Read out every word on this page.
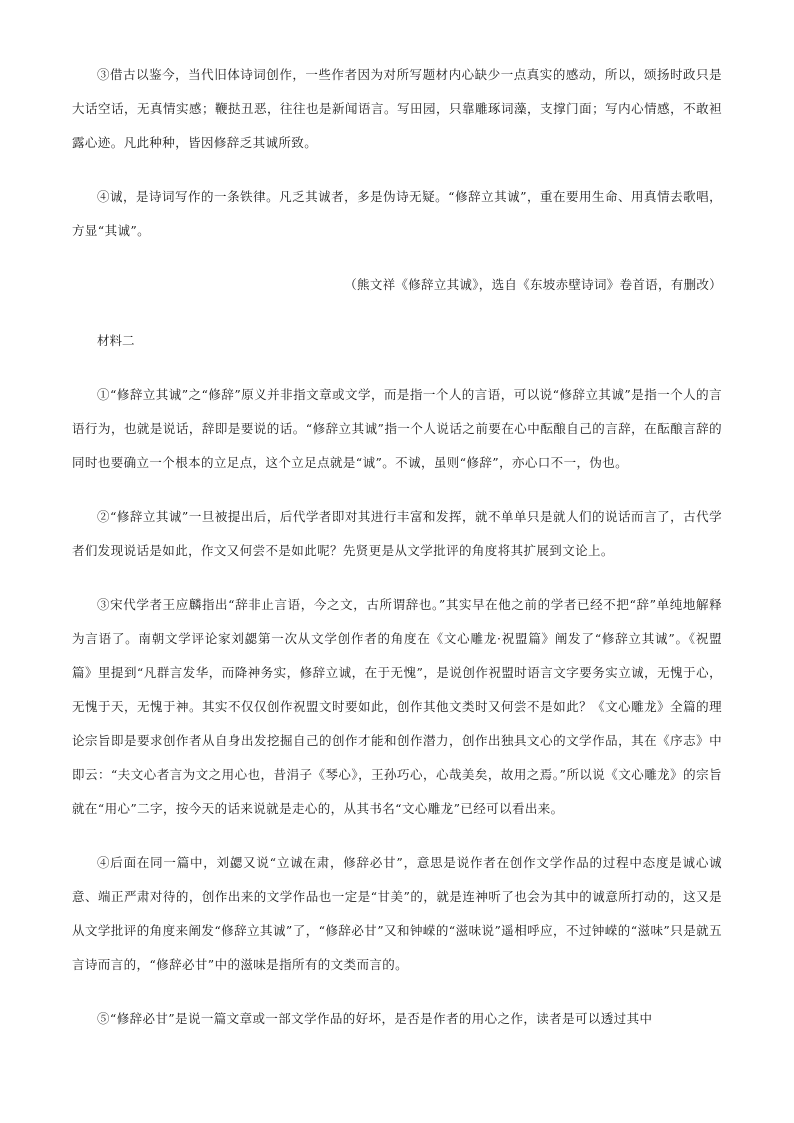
③借古以鉴今，当代旧体诗词创作，一些作者因为对所写题材内心缺少一点真实的感动，所以，颂扬时政只是大话空话，无真情实感；鞭挞丑恶，往往也是新闻语言。写田园，只靠雕琢词藻，支撑门面；写内心情感，不敢袒露心迹。凡此种种，皆因修辞乏其诚所致。

④诚，是诗词写作的一条铁律。凡乏其诚者，多是伪诗无疑。“修辞立其诚”，重在要用生命、用真情去歌唱，方显“其诚”。

（熊文祥《修辞立其诚》，选自《东坡赤壁诗词》卷首语，有删改）

材料二

①“修辞立其诚”之“修辞”原义并非指文章或文学，而是指一个人的言语，可以说“修辞立其诚”是指一个人的言语行为，也就是说话，辞即是要说的话。“修辞立其诚”指一个人说话之前要在心中酝酿自己的言辞，在酝酿言辞的同时也要确立一个根本的立足点，这个立足点就是“诚”。不诚，虽则“修辞”，亦心口不一，伪也。

②“修辞立其诚”一旦被提出后，后代学者即对其进行丰富和发挥，就不单单只是就人们的说话而言了，古代学者们发现说话是如此，作文又何尝不是如此呢？先贤更是从文学批评的角度将其扩展到文论上。

③宋代学者王应麟指出“辞非止言语，今之文，古所谓辞也。”其实早在他之前的学者已经不把“辞”单纯地解释为言语了。南朝文学评论家刘勰第一次从文学创作者的角度在《文心雕龙·祝盟篇》阐发了“修辞立其诚”。《祝盟篇》里提到“凡群言发华，而降神务实，修辞立诚，在于无愧”，是说创作祝盟时语言文字要务实立诚，无愧于心，无愧于天，无愧于神。其实不仅仅创作祝盟文时要如此，创作其他文类时又何尝不是如此？《文心雕龙》全篇的理论宗旨即是要求创作者从自身出发挖掘自己的创作才能和创作潜力，创作出独具文心的文学作品，其在《序志》中即云：“夫文心者言为文之用心也，昔涓子《琴心》，王孙巧心，心哉美矣，故用之焉。”所以说《文心雕龙》的宗旨就在“用心”二字，按今天的话来说就是走心的，从其书名“文心雕龙”已经可以看出来。

④后面在同一篇中，刘勰又说“立诚在肃，修辞必甘”，意思是说作者在创作文学作品的过程中态度是诚心诚意、端正严肃对待的，创作出来的文学作品也一定是“甘美”的，就是连神听了也会为其中的诚意所打动的，这又是从文学批评的角度来阐发“修辞立其诚”了，“修辞必甘”又和钟嵘的“滋味说”遥相呼应，不过钟嵘的“滋味”只是就五言诗而言的，“修辞必甘”中的滋味是指所有的文类而言的。

⑤“修辞必甘”是说一篇文章或一部文学作品的好坏，是否是作者的用心之作，读者是可以透过其中
